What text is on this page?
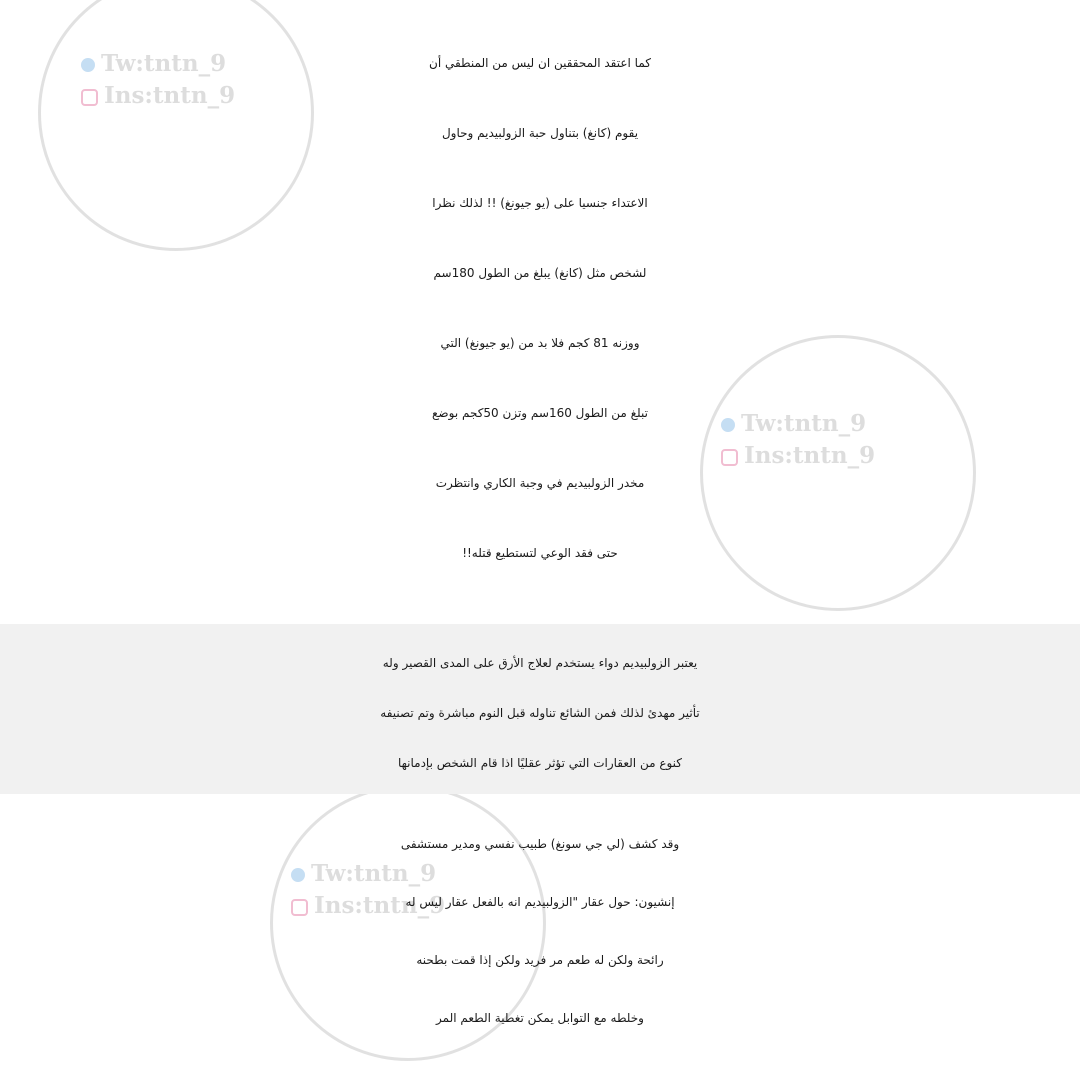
Tw:tntn_9
Ins:tntn_9
Tw:tntn_9
Ins:tntn_9
Tw:tntn_9
Ins:tntn_9
كما اعتقد المحققين ان ليس من المنطقي أن
يقوم (كانغ) بتناول حبة الزولبيديم وحاول
الاعتداء جنسيا على (يو جيونغ) !! لذلك نظرا
لشخص مثل (كانغ) يبلغ من الطول 180سم
ووزنه 81 كجم فلا بد من (يو جيونغ) التي
تبلغ من الطول 160سم وتزن 50كجم بوضع
مخدر الزولبيديم في وجبة الكاري وانتظرت
حتى فقد الوعي لتستطيع قتله!!
يعتبر الزولبيديم دواء يستخدم لعلاج الأرق على المدى القصير وله
تأثير مهدئ لذلك فمن الشائع تناوله قبل النوم مباشرة وتم تصنيفه
كنوع من العقارات التي تؤثر عقليًا اذا قام الشخص بإدمانها
وقد كشف (لي جي سونغ) طبيب نفسي ومدير مستشفى
إنشيون: حول عقار "الزولبيديم انه بالفعل عقار ليس له
رائحة ولكن له طعم مر فريد ولكن إذا قمت بطحنه
وخلطه مع التوابل يمكن تغطية الطعم المر
